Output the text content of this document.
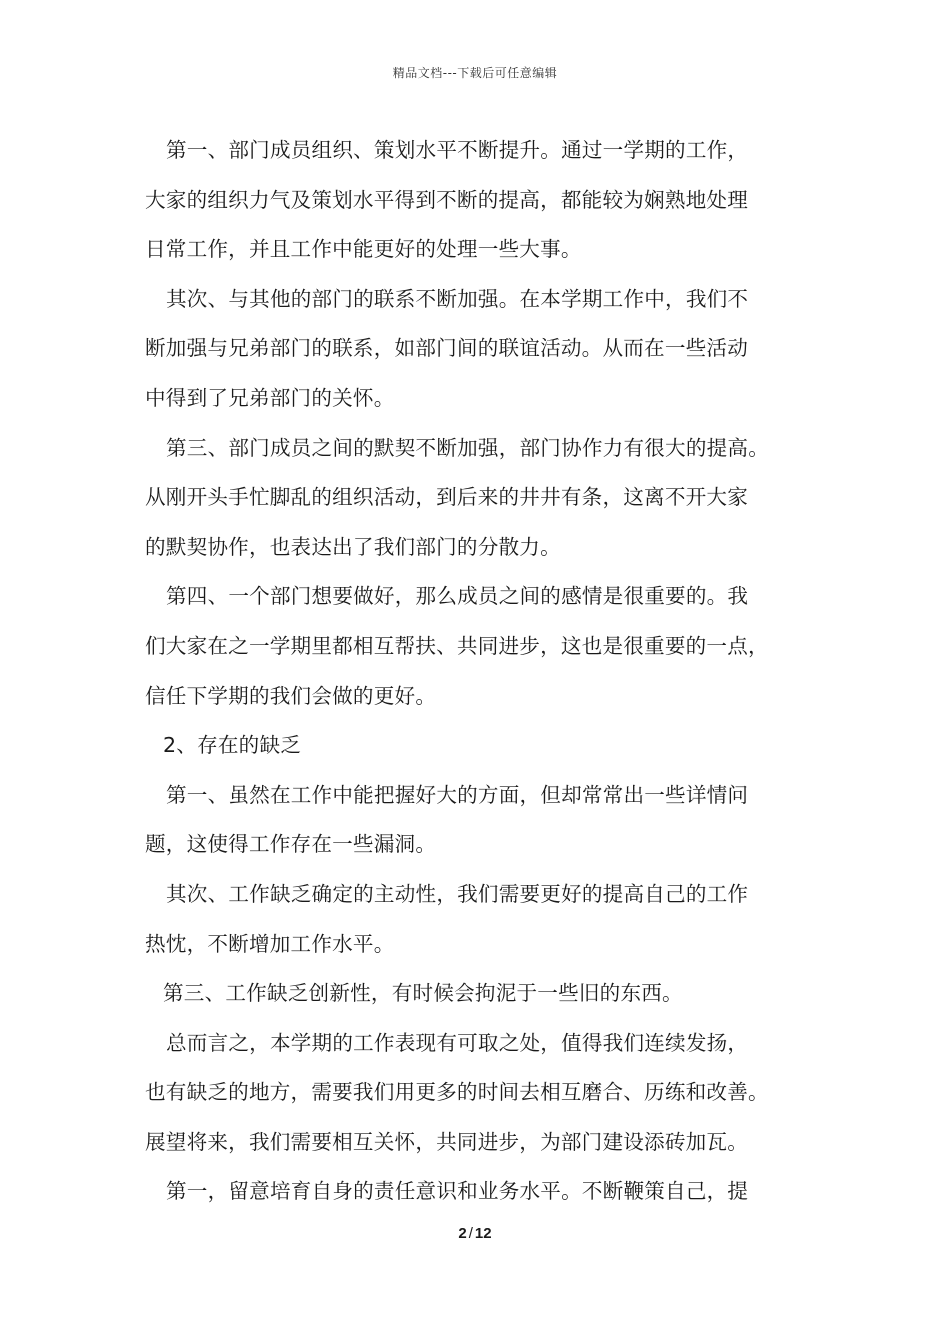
精品文档---下载后可任意编辑
第一、部门成员组织、策划水平不断提升。通过一学期的工作，
大家的组织力气及策划水平得到不断的提高，都能较为娴熟地处理
日常工作，并且工作中能更好的处理一些大事。
其次、与其他的部门的联系不断加强。在本学期工作中，我们不
断加强与兄弟部门的联系，如部门间的联谊活动。从而在一些活动
中得到了兄弟部门的关怀。
第三、部门成员之间的默契不断加强，部门协作力有很大的提高。
从刚开头手忙脚乱的组织活动，到后来的井井有条，这离不开大家
的默契协作，也表达出了我们部门的分散力。
第四、一个部门想要做好，那么成员之间的感情是很重要的。我
们大家在之一学期里都相互帮扶、共同进步，这也是很重要的一点，
信任下学期的我们会做的更好。
2、存在的缺乏
第一、虽然在工作中能把握好大的方面，但却常常出一些详情问
题，这使得工作存在一些漏洞。
其次、工作缺乏确定的主动性，我们需要更好的提高自己的工作
热忱，不断增加工作水平。
第三、工作缺乏创新性，有时候会拘泥于一些旧的东西。
总而言之，本学期的工作表现有可取之处，值得我们连续发扬，
也有缺乏的地方，需要我们用更多的时间去相互磨合、历练和改善。
展望将来，我们需要相互关怀，共同进步，为部门建设添砖加瓦。
第一，留意培育自身的责任意识和业务水平。不断鞭策自己，提
2 / 12
